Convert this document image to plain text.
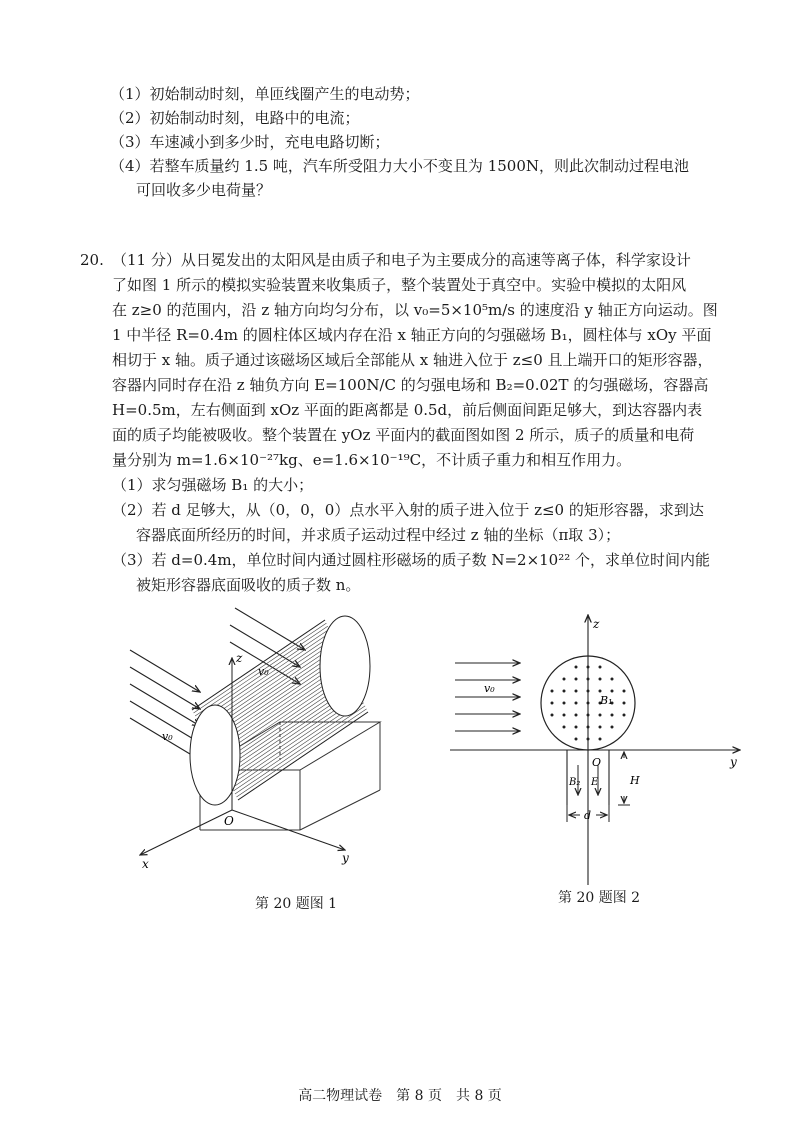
（1）初始制动时刻，单匝线圈产生的电动势；
（2）初始制动时刻，电路中的电流；
（3）车速减小到多少时，充电电路切断；
（4）若整车质量约 1.5 吨，汽车所受阻力大小不变且为 1500N，则此次制动过程电池
可回收多少电荷量？
20. （11 分）从日冕发出的太阳风是由质子和电子为主要成分的高速等离子体，科学家设计
了如图 1 所示的模拟实验装置来收集质子，整个装置处于真空中。实验中模拟的太阳风
在 z≥0 的范围内，沿 z 轴方向均匀分布，以 v₀=5×10⁵m/s 的速度沿 y 轴正方向运动。图
1 中半径 R=0.4m 的圆柱体区域内存在沿 x 轴正方向的匀强磁场 B₁，圆柱体与 xOy 平面
相切于 x 轴。质子通过该磁场区域后全部能从 x 轴进入位于 z≤0 且上端开口的矩形容器，
容器内同时存在沿 z 轴负方向 E=100N/C 的匀强电场和 B₂=0.02T 的匀强磁场，容器高
H=0.5m，左右侧面到 xOz 平面的距离都是 0.5d，前后侧面间距足够大，到达容器内表
面的质子均能被吸收。整个装置在 yOz 平面内的截面图如图 2 所示，质子的质量和电荷
量分别为 m=1.6×10⁻²⁷kg、e=1.6×10⁻¹⁹C，不计质子重力和相互作用力。
（1）求匀强磁场 B₁ 的大小；
（2）若 d 足够大，从（0，0，0）点水平入射的质子进入位于 z≤0 的矩形容器，求到达
容器底面所经历的时间，并求质子运动过程中经过 z 轴的坐标（π取 3）；
（3）若 d=0.4m，单位时间内通过圆柱形磁场的质子数 N=2×10²² 个，求单位时间内能
被矩形容器底面吸收的质子数 n。
z
x	y
O
v₀
v₀
第 20 题图 1
z
y
v₀
B₁
O
B₂ E	H
d
第 20 题图 2
高二物理试卷　第 8 页　共 8 页
